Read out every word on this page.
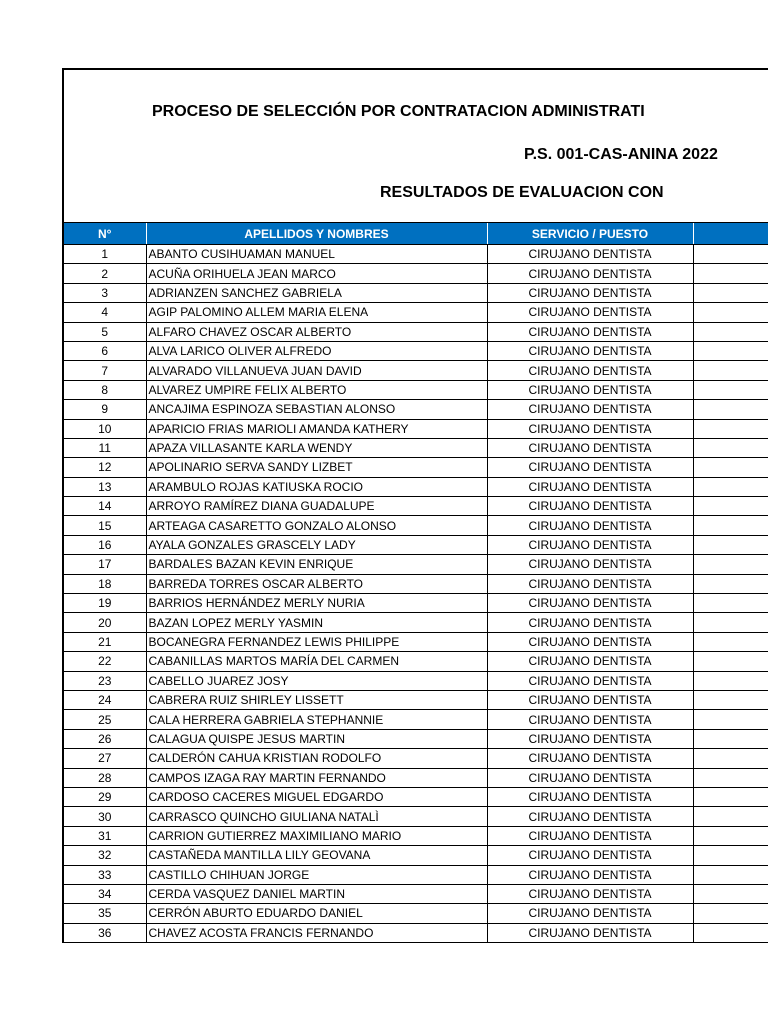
PROCESO DE SELECCIÓN POR CONTRATACION ADMINISTRATI
P.S. 001-CAS-ANINA 2022
RESULTADOS DE EVALUACION CON
N°	APELLIDOS Y NOMBRES	SERVICIO / PUESTO	
1	ABANTO CUSIHUAMAN MANUEL	CIRUJANO DENTISTA	
2	ACUÑA ORIHUELA JEAN MARCO	CIRUJANO DENTISTA	
3	ADRIANZEN SANCHEZ GABRIELA	CIRUJANO DENTISTA	
4	AGIP PALOMINO ALLEM MARIA ELENA	CIRUJANO DENTISTA	
5	ALFARO CHAVEZ OSCAR ALBERTO	CIRUJANO DENTISTA	
6	ALVA LARICO OLIVER ALFREDO	CIRUJANO DENTISTA	
7	ALVARADO VILLANUEVA JUAN DAVID	CIRUJANO DENTISTA	
8	ALVAREZ UMPIRE FELIX ALBERTO	CIRUJANO DENTISTA	
9	ANCAJIMA ESPINOZA SEBASTIAN ALONSO	CIRUJANO DENTISTA	
10	APARICIO FRIAS MARIOLI AMANDA KATHERY	CIRUJANO DENTISTA	
11	APAZA VILLASANTE KARLA WENDY	CIRUJANO DENTISTA	
12	APOLINARIO SERVA SANDY LIZBET	CIRUJANO DENTISTA	
13	ARAMBULO ROJAS KATIUSKA ROCIO	CIRUJANO DENTISTA	
14	ARROYO RAMÍREZ DIANA GUADALUPE	CIRUJANO DENTISTA	
15	ARTEAGA CASARETTO GONZALO ALONSO	CIRUJANO DENTISTA	
16	AYALA GONZALES GRASCELY LADY	CIRUJANO DENTISTA	
17	BARDALES BAZAN KEVIN ENRIQUE	CIRUJANO DENTISTA	
18	BARREDA TORRES OSCAR ALBERTO	CIRUJANO DENTISTA	
19	BARRIOS HERNÁNDEZ MERLY NURIA	CIRUJANO DENTISTA	
20	BAZAN LOPEZ MERLY YASMIN	CIRUJANO DENTISTA	
21	BOCANEGRA FERNANDEZ LEWIS PHILIPPE	CIRUJANO DENTISTA	
22	CABANILLAS MARTOS MARÍA DEL CARMEN	CIRUJANO DENTISTA	
23	CABELLO JUAREZ JOSY	CIRUJANO DENTISTA	
24	CABRERA RUIZ SHIRLEY LISSETT	CIRUJANO DENTISTA	
25	CALA HERRERA GABRIELA STEPHANNIE	CIRUJANO DENTISTA	
26	CALAGUA QUISPE JESUS MARTIN	CIRUJANO DENTISTA	
27	CALDERÓN CAHUA KRISTIAN RODOLFO	CIRUJANO DENTISTA	
28	CAMPOS IZAGA RAY MARTIN FERNANDO	CIRUJANO DENTISTA	
29	CARDOSO CACERES MIGUEL EDGARDO	CIRUJANO DENTISTA	
30	CARRASCO QUINCHO GIULIANA NATALÌ	CIRUJANO DENTISTA	
31	CARRION GUTIERREZ MAXIMILIANO MARIO	CIRUJANO DENTISTA	
32	CASTAÑEDA MANTILLA LILY GEOVANA	CIRUJANO DENTISTA	
33	CASTILLO CHIHUAN JORGE	CIRUJANO DENTISTA	
34	CERDA VASQUEZ DANIEL MARTIN	CIRUJANO DENTISTA	
35	CERRÓN ABURTO EDUARDO DANIEL	CIRUJANO DENTISTA	
36	CHAVEZ ACOSTA FRANCIS FERNANDO	CIRUJANO DENTISTA	
